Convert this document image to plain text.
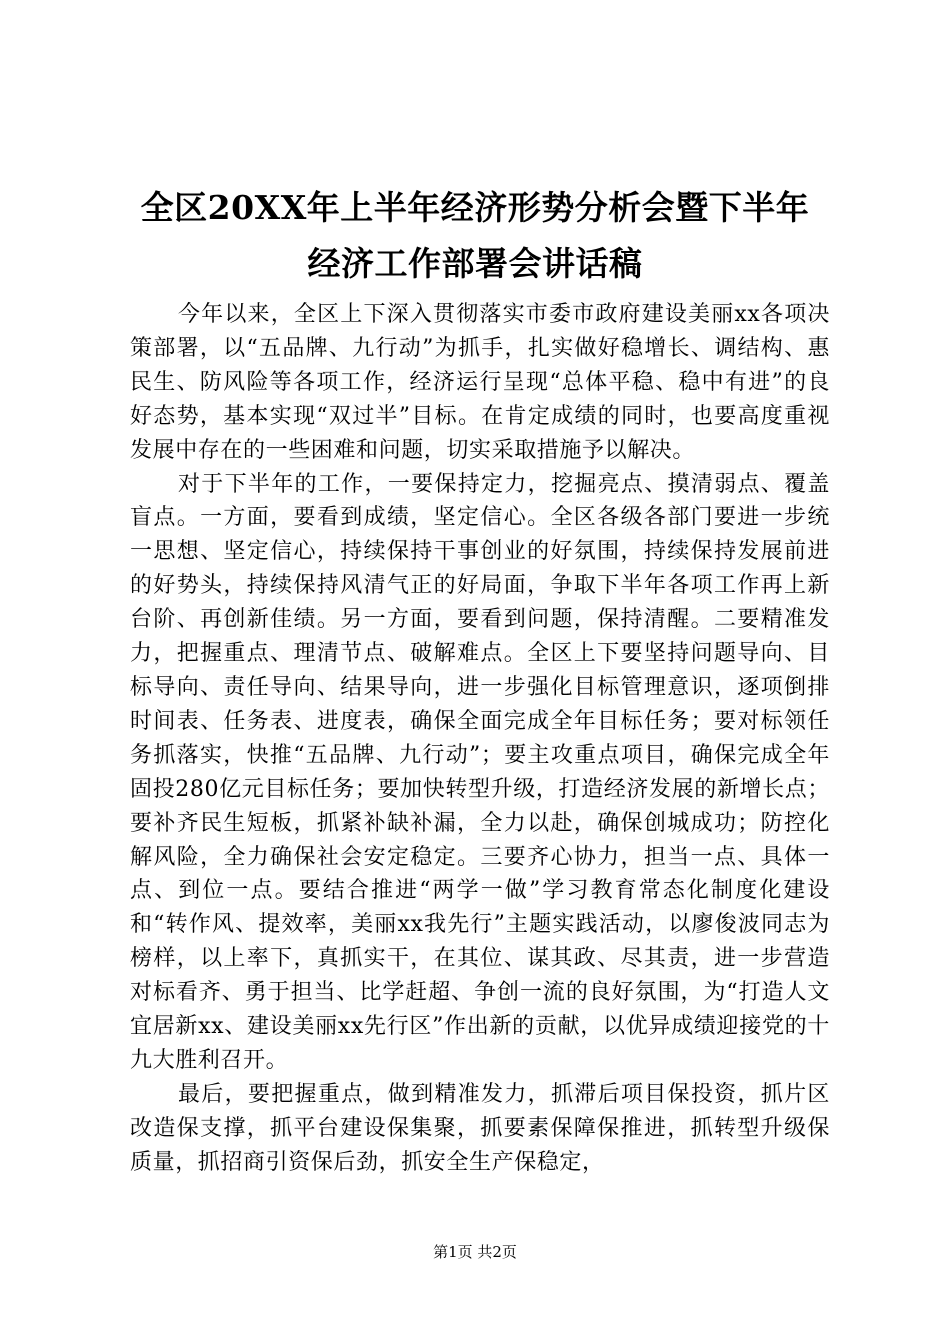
全区20XX年上半年经济形势分析会暨下半年
经济工作部署会讲话稿

今年以来，全区上下深入贯彻落实市委市政府建设美丽xx各项决策部署，以“五品牌、九行动”为抓手，扎实做好稳增长、调结构、惠民生、防风险等各项工作，经济运行呈现“总体平稳、稳中有进”的良好态势，基本实现“双过半”目标。在肯定成绩的同时，也要高度重视发展中存在的一些困难和问题，切实采取措施予以解决。

对于下半年的工作，一要保持定力，挖掘亮点、摸清弱点、覆盖盲点。一方面，要看到成绩，坚定信心。全区各级各部门要进一步统一思想、坚定信心，持续保持干事创业的好氛围，持续保持发展前进的好势头，持续保持风清气正的好局面，争取下半年各项工作再上新台阶、再创新佳绩。另一方面，要看到问题，保持清醒。二要精准发力，把握重点、理清节点、破解难点。全区上下要坚持问题导向、目标导向、责任导向、结果导向，进一步强化目标管理意识，逐项倒排时间表、任务表、进度表，确保全面完成全年目标任务；要对标领任务抓落实，快推“五品牌、九行动”；要主攻重点项目，确保完成全年固投280亿元目标任务；要加快转型升级，打造经济发展的新增长点；要补齐民生短板，抓紧补缺补漏，全力以赴，确保创城成功；防控化解风险，全力确保社会安定稳定。三要齐心协力，担当一点、具体一点、到位一点。要结合推进“两学一做”学习教育常态化制度化建设和“转作风、提效率，美丽xx我先行”主题实践活动，以廖俊波同志为榜样，以上率下，真抓实干，在其位、谋其政、尽其责，进一步营造对标看齐、勇于担当、比学赶超、争创一流的良好氛围，为“打造人文宜居新xx、建设美丽xx先行区”作出新的贡献，以优异成绩迎接党的十九大胜利召开。

最后，要把握重点，做到精准发力，抓滞后项目保投资，抓片区改造保支撑，抓平台建设保集聚，抓要素保障保推进，抓转型升级保质量，抓招商引资保后劲，抓安全生产保稳定，

第1页 共2页
